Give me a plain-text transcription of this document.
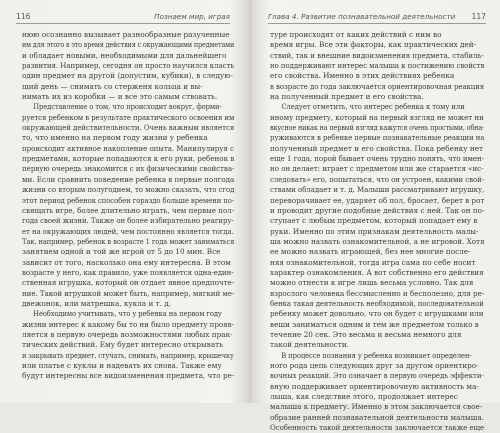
116	Познаем мир, играя
нюю осознанно вызывает разнообразные разученные
им для этого в это время действия с окружающими предметами
и обладает новыми, необходимыми для дальнейшего
развития. Например, сегодня он просто научился класть
один предмет на другой (допустим, кубики), в следую-
щий день — снимать со стерженя кольца и вы-
нимать их из коробки — и все это самым ствовать.
Представление о том, что происходит вокруг, форми-
руется ребенком в результате практического освоения им
окружающей действительности. Очень важным является
то, что именно на первом году жизни у ребенка
происходит активное накопление опыта. Манипулируя с
предметами, которые попадаются к его руки, ребенок в
первую очередь знакомится с их физическими свойства-
ми. Если сравнить поведение ребенка в первые полгода
жизни со вторым полугодием, то можно сказать, что сгод
этот период ребенок способен гораздо больше времени по-
свящать игре, более длительно играть, чем первые пол-
года своей жизни. Также он более избирательно реагиру-
ет на окружающих людей, чем постоянно является тогда.
Так, например, ребенок в возрасте 1 года может заниматься
занятием одной и той же игрой от 5 до 10 мин. Все
зависит от того, насколько она ему интересна. В этом
возрасте у него, как правило, уже появляется одна-един-
ственная игрушка, который он отдает явное предпочте-
ние. Такой игрушкой может быть, например, мягкий ме-
двежонок, или матрешка, кукла и т. д.
Необходимо учитывать, что у ребенка на первом году
жизни интерес к какому бы то ни было предмету прояв-
ляется в первую очередь возможностями любых прак-
тических действий. Ему будет интересно открывать
и закрывать предмет, стучать, снимать, например, крышечку
или платье с куклы и надевать их снова. Также ему
будут интересны все видоизменения предмета, что ре-
Глава 4. Развитие познавательной деятельности 117
туре происходят от каких действий с ним во
время игры. Все эти факторы, как практических дей-
ствий, так и внешние видоизменения предмета, стабиль-
но поддерживают интерес малыша к постижению свойств
его свойства. Именно в этих действиях ребенка
в возрасте до года заключается ориентировочная реакция
на полученный предмет и его свойства.
Следует отметить, что интерес ребенка к тому или
иному предмету, который на первый взгляд не может ни
вкусное никак на первый взгляд кажутся очень простыми, обна-
руживаются в ребенке первые познавательные реакции на
полученный предмет и его свойства. Пока ребенку нет
еще 1 года, порой бывает очень трудно понять, что имен-
но он делает: играет с предметом или же старается «ис-
следовать» его, попытаться, что он устроен, какими свой-
ствами обладает и т. д. Малыши рассматривают игрушку,
переворачивает ее, ударяет об пол, бросает, берет в рот
и проводит другие подобные действия с ней. Так он по-
ступает с любым предметом, который попадает ему в
руки. Именно по этим признакам деятельность малы-
ша можно назвать ознакомительной, а не игровой. Хотя
ее можно назвать играющей, без нее многие после-
няя ознакомительной, тогда игра сама по себе носит
характер ознакомления. А вот собственно его действия
можно отнести к игре лишь весьма условно. Так для
взрослого человека бессмысленно и бесполезно, для ре-
бенка такая деятельность необходимой, последовательной
ребенку может довольно, что он будет с игрушками или
веши заниматься одним и тем же предметом только в
течение 20 сек. Это весьма и весьма немного для
такой деятельности.
В процессе познания у ребенка возникает определен-
ного рода цепь следующих друг за другом ориентиро-
вочных реакций. Это означает в первую очередь эффекти-
вную поддерживает ориентировочную активность ма-
лыша, как следствие этого, продолжает интерес
малыша к предмету. Именно в этом заключается свое-
образие ранней познавательной деятельности малыша.
Особенность такой деятельности заключается также еще
